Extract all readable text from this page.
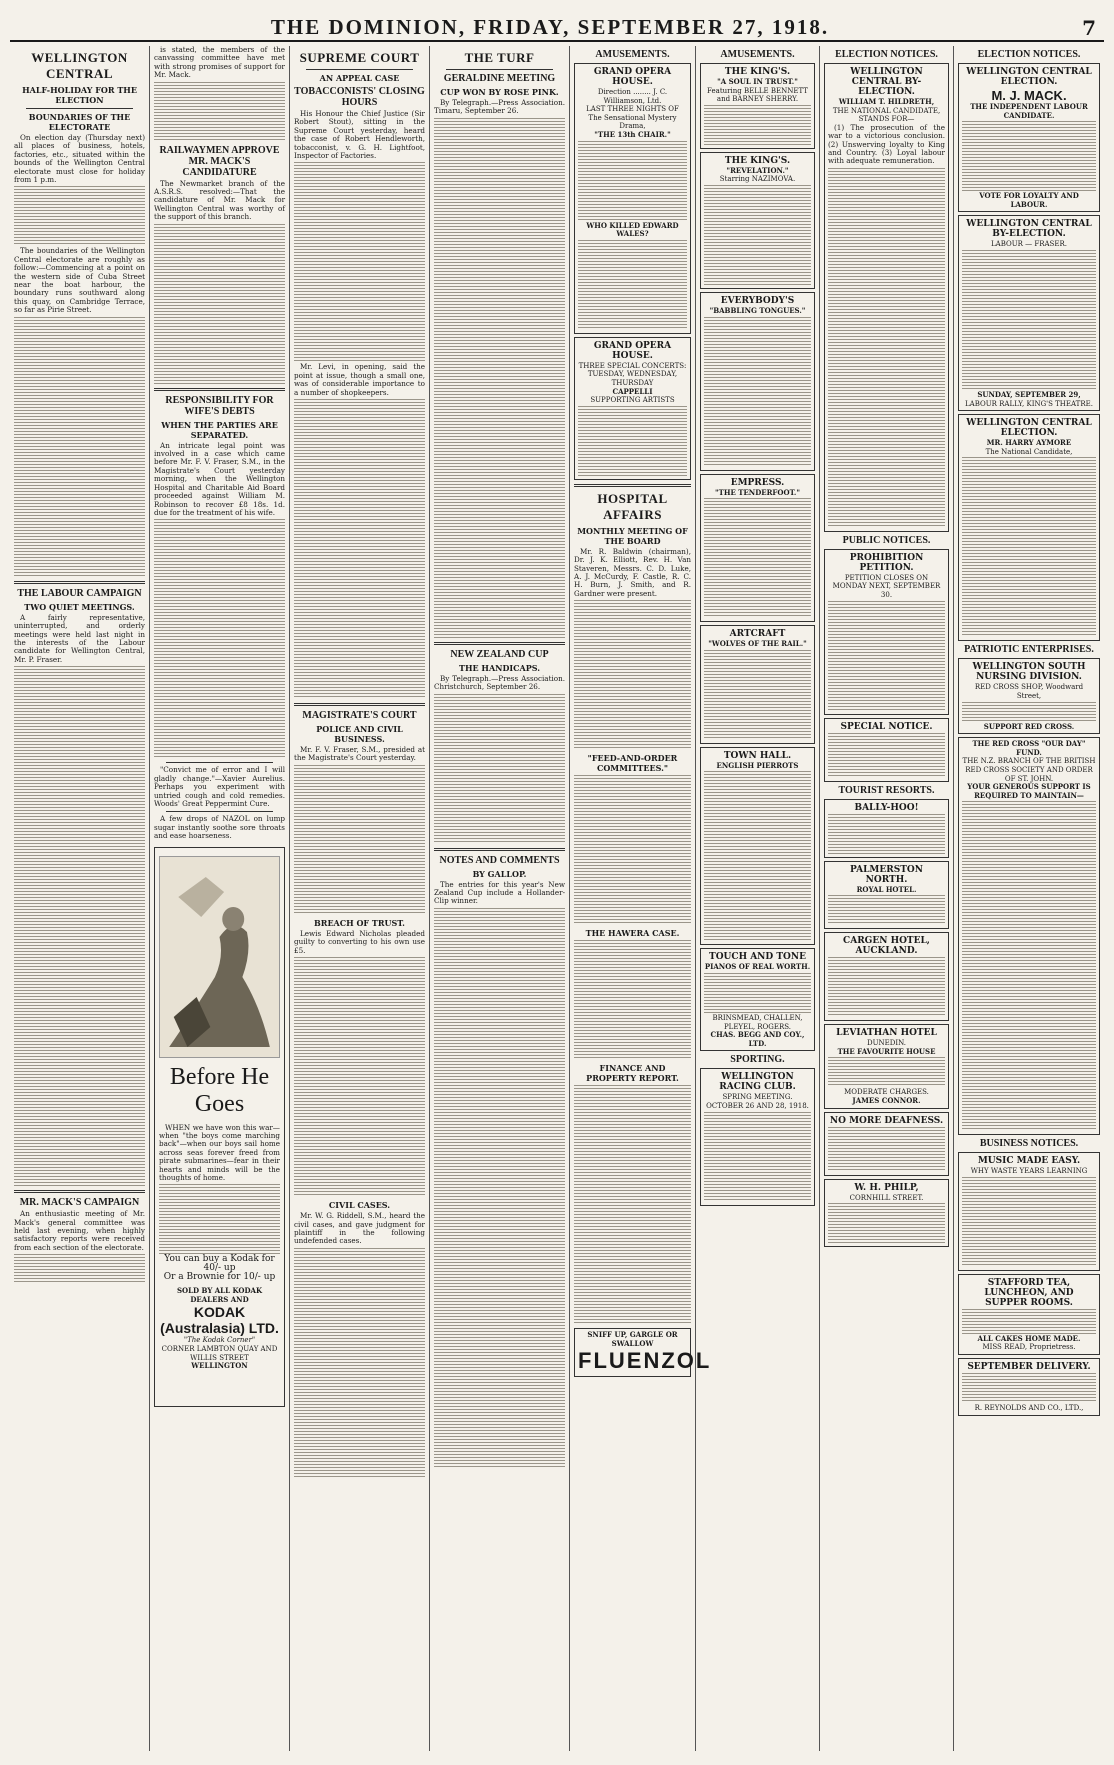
THE DOMINION, FRIDAY, SEPTEMBER 27, 1918.	7
WELLINGTON CENTRAL
HALF-HOLIDAY FOR THE ELECTION
BOUNDARIES OF THE ELECTORATE

On election day (Thursday next) all places of business, hotels, factories, etc., situated within the bounds of the Wellington Central electorate must close for holiday from 1 p.m.

The boundaries of the Wellington Central electorate are roughly as follow:—Commencing at a point on the western side of Cuba Street near the boat harbour, the boundary runs southward along this quay, on Cambridge Terrace, so far as Pirie Street.

THE LABOUR CAMPAIGN
TWO QUIET MEETINGS.

A fairly representative, uninterrupted, and orderly meetings were held last night in the interests of the Labour candidate for Wellington Central, Mr. P. Fraser.

MR. MACK'S CAMPAIGN

An enthusiastic meeting of Mr. Mack's general committee was held last evening, when highly satisfactory reports were received from each section of the electorate.

is stated, the members of the canvassing committee have met with strong promises of support for Mr. Mack.

RAILWAYMEN APPROVE MR. MACK'S CANDIDATURE

The Newmarket branch of the A.S.R.S. resolved:—That the candidature of Mr. Mack for Wellington Central was worthy of the support of this branch.

RESPONSIBILITY FOR WIFE'S DEBTS
WHEN THE PARTIES ARE SEPARATED.

An intricate legal point was involved in a case which came before Mr. F. V. Fraser, S.M., in the Magistrate's Court yesterday morning, when the Wellington Hospital and Charitable Aid Board proceeded against William M. Robinson to recover £8 18s. 1d. due for the treatment of his wife.

"Convict me of error and I will gladly change."—Xavier Aurelius. Perhaps you experiment with untried cough and cold remedies. Woods' Great Peppermint Cure.

A few drops of NAZOL on lump sugar instantly soothe sore throats and ease hoarseness.

Before He Goes

WHEN we have won this war—when "the boys come marching back"—when our boys sail home across seas forever freed from pirate submarines—fear in their hearts and minds will be the thoughts of home.

You can buy a Kodak for 40/- up
Or a Brownie for 10/- up
SOLD BY ALL KODAK DEALERS AND
KODAK (Australasia) LTD.
"The Kodak Corner"
CORNER LAMBTON QUAY AND WILLIS STREET
WELLINGTON
SUPREME COURT
AN APPEAL CASE
TOBACCONISTS' CLOSING HOURS

His Honour the Chief Justice (Sir Robert Stout), sitting in the Supreme Court yesterday, heard the case of Robert Hendleworth, tobacconist, v. G. H. Lightfoot, Inspector of Factories.

Mr. Levi, in opening, said the point at issue, though a small one, was of considerable importance to a number of shopkeepers.

MAGISTRATE'S COURT
POLICE AND CIVIL BUSINESS.

Mr. F. V. Fraser, S.M., presided at the Magistrate's Court yesterday.

BREACH OF TRUST.

Lewis Edward Nicholas pleaded guilty to converting to his own use £5.

CIVIL CASES.

Mr. W. G. Riddell, S.M., heard the civil cases, and gave judgment for plaintiff in the following undefended cases.

THE TURF
GERALDINE MEETING
CUP WON BY ROSE PINK.

By Telegraph.—Press Association. Timaru, September 26.

NEW ZEALAND CUP
THE HANDICAPS.

By Telegraph.—Press Association. Christchurch, September 26.

NOTES AND COMMENTS
BY GALLOP.

The entries for this year's New Zealand Cup include a Hollander-Clip winner.

AMUSEMENTS.
GRAND OPERA HOUSE.
Direction ........ J. C. Williamson, Ltd.
LAST THREE NIGHTS OF
The Sensational Mystery Drama,
"THE 13th CHAIR."
WHO KILLED EDWARD WALES?
GRAND OPERA HOUSE.
THREE SPECIAL CONCERTS:
TUESDAY, WEDNESDAY, THURSDAY
CAPPELLI
SUPPORTING ARTISTS
HOSPITAL AFFAIRS
MONTHLY MEETING OF THE BOARD

Mr. R. Baldwin (chairman), Dr. J. K. Elliott, Rev. H. Van Staveren, Messrs. C. D. Luke, A. J. McCurdy, F. Castle, R. C. H. Burn, J. Smith, and R. Gardner were present.

"FEED-AND-ORDER COMMITTEES."
THE HAWERA CASE.
FINANCE AND PROPERTY REPORT.
SNIFF UP, GARGLE OR SWALLOW
FLUENZOL
AMUSEMENTS.
THE KING'S.
"A SOUL IN TRUST."
Featuring BELLE BENNETT and BARNEY SHERRY.
THE KING'S.
"REVELATION."
Starring NAZIMOVA.
EVERYBODY'S
"BABBLING TONGUES."
EMPRESS.
"THE TENDERFOOT."
ARTCRAFT
"WOLVES OF THE RAIL."
TOWN HALL.
ENGLISH PIERROTS
TOUCH AND TONE
PIANOS OF REAL WORTH.
BRINSMEAD, CHALLEN, PLEYEL, ROGERS.
CHAS. BEGG AND COY., LTD.
SPORTING.
WELLINGTON RACING CLUB.
SPRING MEETING. OCTOBER 26 AND 28, 1918.
ELECTION NOTICES.
WELLINGTON CENTRAL BY-ELECTION.
WILLIAM T. HILDRETH,
THE NATIONAL CANDIDATE, STANDS FOR—

(1) The prosecution of the war to a victorious conclusion. (2) Unswerving loyalty to King and Country. (3) Loyal labour with adequate remuneration.

PUBLIC NOTICES.
PROHIBITION PETITION.
PETITION CLOSES ON MONDAY NEXT, SEPTEMBER 30.
SPECIAL NOTICE.
TOURIST RESORTS.
BALLY-HOO!
PALMERSTON NORTH.
ROYAL HOTEL.
CARGEN HOTEL, AUCKLAND.
LEVIATHAN HOTEL
DUNEDIN.
THE FAVOURITE HOUSE
MODERATE CHARGES.
JAMES CONNOR.
NO MORE DEAFNESS.
W. H. PHILP,
CORNHILL STREET.
ELECTION NOTICES.
WELLINGTON CENTRAL ELECTION.
M. J. MACK.
THE INDEPENDENT LABOUR CANDIDATE.
VOTE FOR LOYALTY AND LABOUR.
WELLINGTON CENTRAL BY-ELECTION.
LABOUR — FRASER.
SUNDAY, SEPTEMBER 29,
LABOUR RALLY, KING'S THEATRE.
WELLINGTON CENTRAL ELECTION.
MR. HARRY AYMORE
The National Candidate,
PATRIOTIC ENTERPRISES.
WELLINGTON SOUTH NURSING DIVISION.
RED CROSS SHOP, Woodward Street,
SUPPORT RED CROSS.
THE RED CROSS "OUR DAY" FUND.
THE N.Z. BRANCH OF THE BRITISH RED CROSS SOCIETY AND ORDER OF ST. JOHN.
YOUR GENEROUS SUPPORT IS REQUIRED TO MAINTAIN—
BUSINESS NOTICES.
MUSIC MADE EASY.
WHY WASTE YEARS LEARNING
STAFFORD TEA, LUNCHEON, AND SUPPER ROOMS.
ALL CAKES HOME MADE.
MISS READ, Proprietress.
SEPTEMBER DELIVERY.
R. REYNOLDS AND CO., LTD.,
